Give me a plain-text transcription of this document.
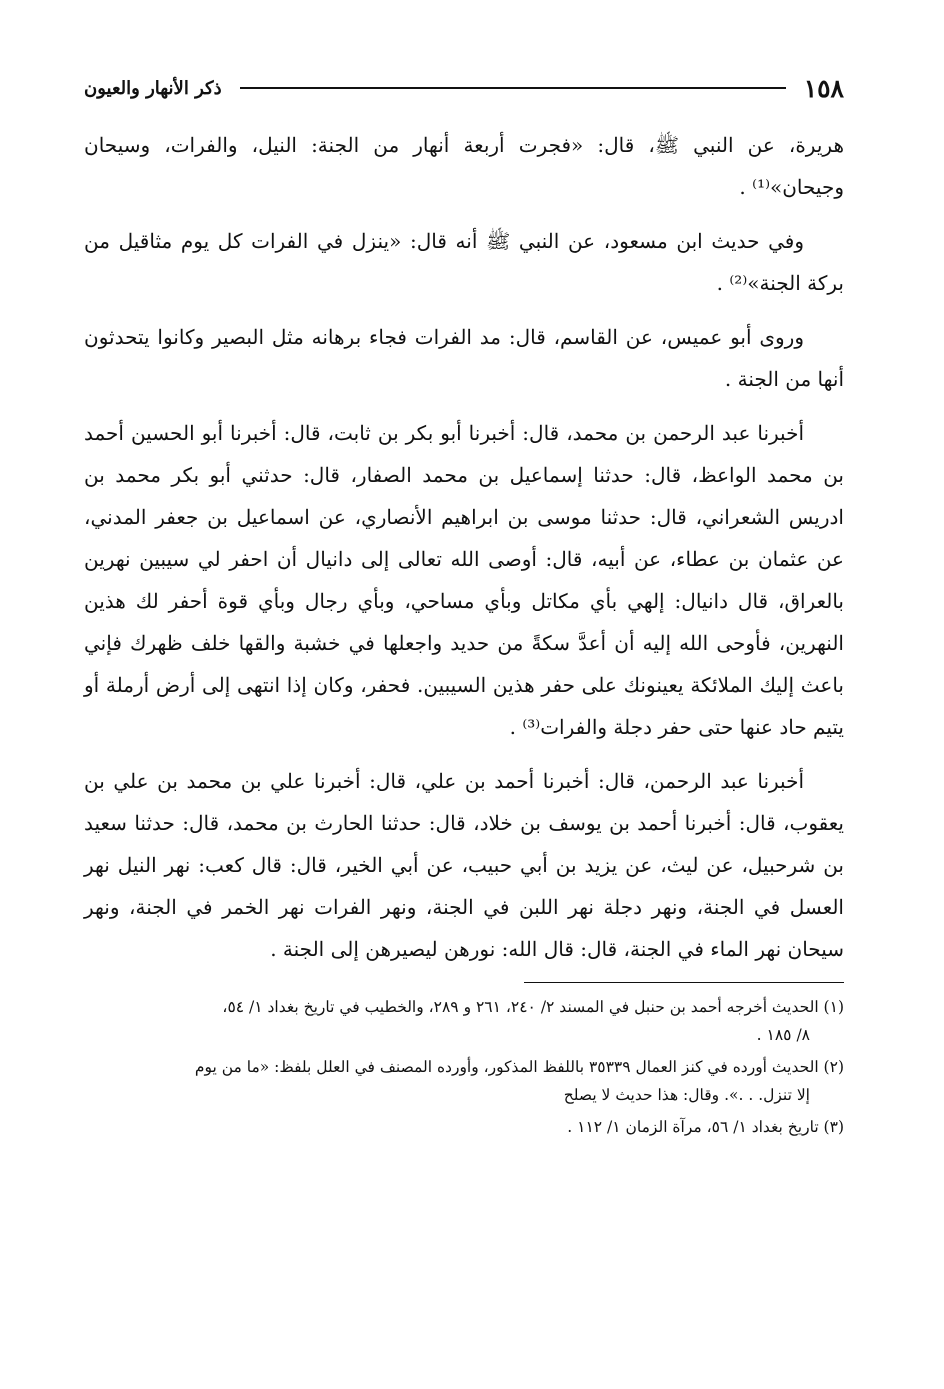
١٥٨
ذكر الأنهار والعيون

هريرة، عن النبي ﷺ، قال: «فجرت أربعة أنهار من الجنة: النيل، والفرات، وسيحان وجيحان»⁽¹⁾ .

وفي حديث ابن مسعود، عن النبي ﷺ أنه قال: «ينزل في الفرات كل يوم مثاقيل من بركة الجنة»⁽²⁾ .

وروى أبو عميس، عن القاسم، قال: مد الفرات فجاء برهانه مثل البصير وكانوا يتحدثون أنها من الجنة .

أخبرنا عبد الرحمن بن محمد، قال: أخبرنا أبو بكر بن ثابت، قال: أخبرنا أبو الحسين أحمد بن محمد الواعظ، قال: حدثنا إسماعيل بن محمد الصفار، قال: حدثني أبو بكر محمد بن ادريس الشعراني، قال: حدثنا موسى بن ابراهيم الأنصاري، عن اسماعيل بن جعفر المدني، عن عثمان بن عطاء، عن أبيه، قال: أوصى الله تعالى إلى دانيال أن احفر لي سيبين نهرين بالعراق، قال دانيال: إلهي بأي مكاتل وبأي مساحي، وبأي رجال وبأي قوة أحفر لك هذين النهرين، فأوحى الله إليه أن أعدَّ سكةً من حديد واجعلها في خشبة والقها خلف ظهرك فإني باعث إليك الملائكة يعينونك على حفر هذين السيبين. فحفر، وكان إذا انتهى إلى أرض أرملة أو يتيم حاد عنها حتى حفر دجلة والفرات⁽³⁾ .

أخبرنا عبد الرحمن، قال: أخبرنا أحمد بن علي، قال: أخبرنا علي بن محمد بن علي بن يعقوب، قال: أخبرنا أحمد بن يوسف بن خلاد، قال: حدثنا الحارث بن محمد، قال: حدثنا سعيد بن شرحبيل، عن ليث، عن يزيد بن أبي حبيب، عن أبي الخير، قال: قال كعب: نهر النيل نهر العسل في الجنة، ونهر دجلة نهر اللبن في الجنة، ونهر الفرات نهر الخمر في الجنة، ونهر سيحان نهر الماء في الجنة، قال: قال الله: نورهن ليصيرهن إلى الجنة .

(١) الحديث أخرجه أحمد بن حنبل في المسند ٢/ ٢٤٠، ٢٦١ و ٢٨٩، والخطيب في تاريخ بغداد ١/ ٥٤،
٨/ ١٨٥ .

(٢) الحديث أورده في كنز العمال ٣٥٣٣٩ باللفظ المذكور، وأورده المصنف في العلل بلفظ: «ما من يوم
إلا تنزل. . .». وقال: هذا حديث لا يصلح

(٣) تاريخ بغداد ١/ ٥٦، مرآة الزمان ١/ ١١٢ .
